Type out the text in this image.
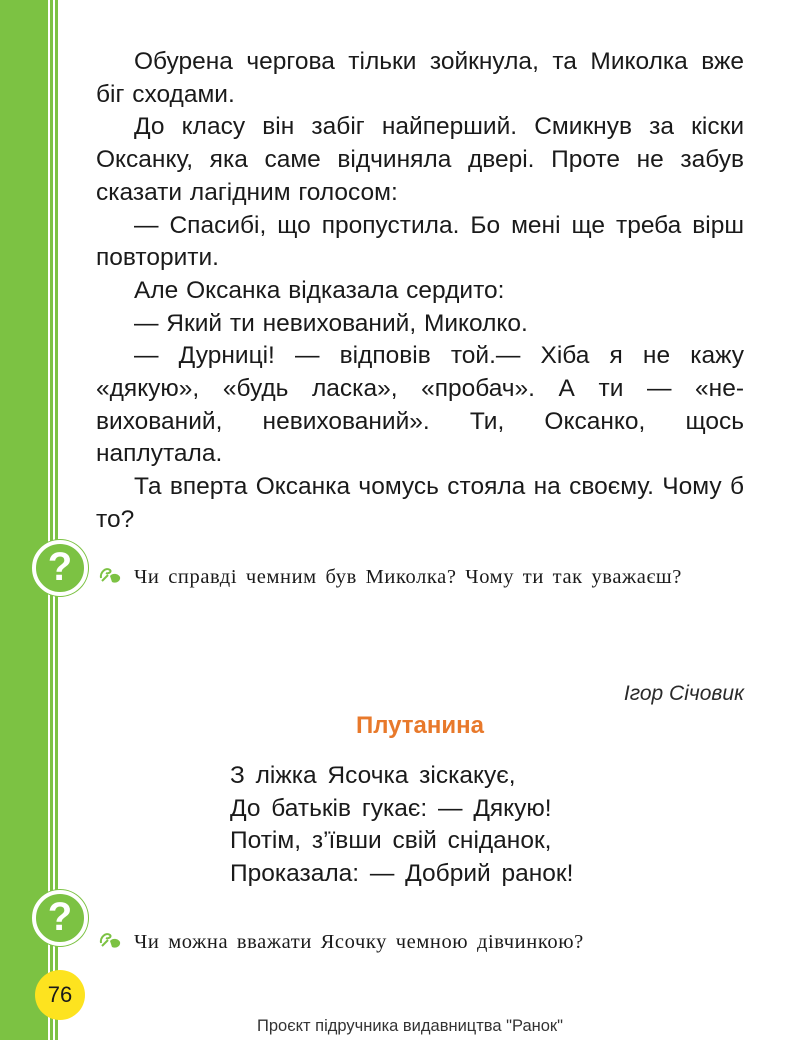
Обурена чергова тільки зойкнула, та Миколка вже біг сходами.

До класу він забіг найперший. Смикнув за кіски Оксанку, яка саме відчиняла двері. Проте не забув сказати лагідним голосом:

— Спасибі, що пропустила. Бо мені ще треба вірш повторити.

Але Оксанка відказала сердито:

— Який ти невихований, Миколко.

— Дурниці! — відповів той.— Хіба я не кажу «дякую», «будь ласка», «пробач». А ти — «невихований, невихований». Ти, Оксанко, щось наплутала.

Та вперта Оксанка чомусь стояла на своєму. Чому б то?

?	Чи справді чемним був Миколка? Чому ти так уважаєш?
Ігор Січовик
Плутанина
З ліжка Ясочка зіскакує,
До батьків гукає: — Дякую!
Потім, з’ївши свій сніданок,
Проказала: — Добрий ранок!
?
Чи можна вважати Ясочку чемною дівчинкою?
76
Проєкт підручника видавництва "Ранок"
